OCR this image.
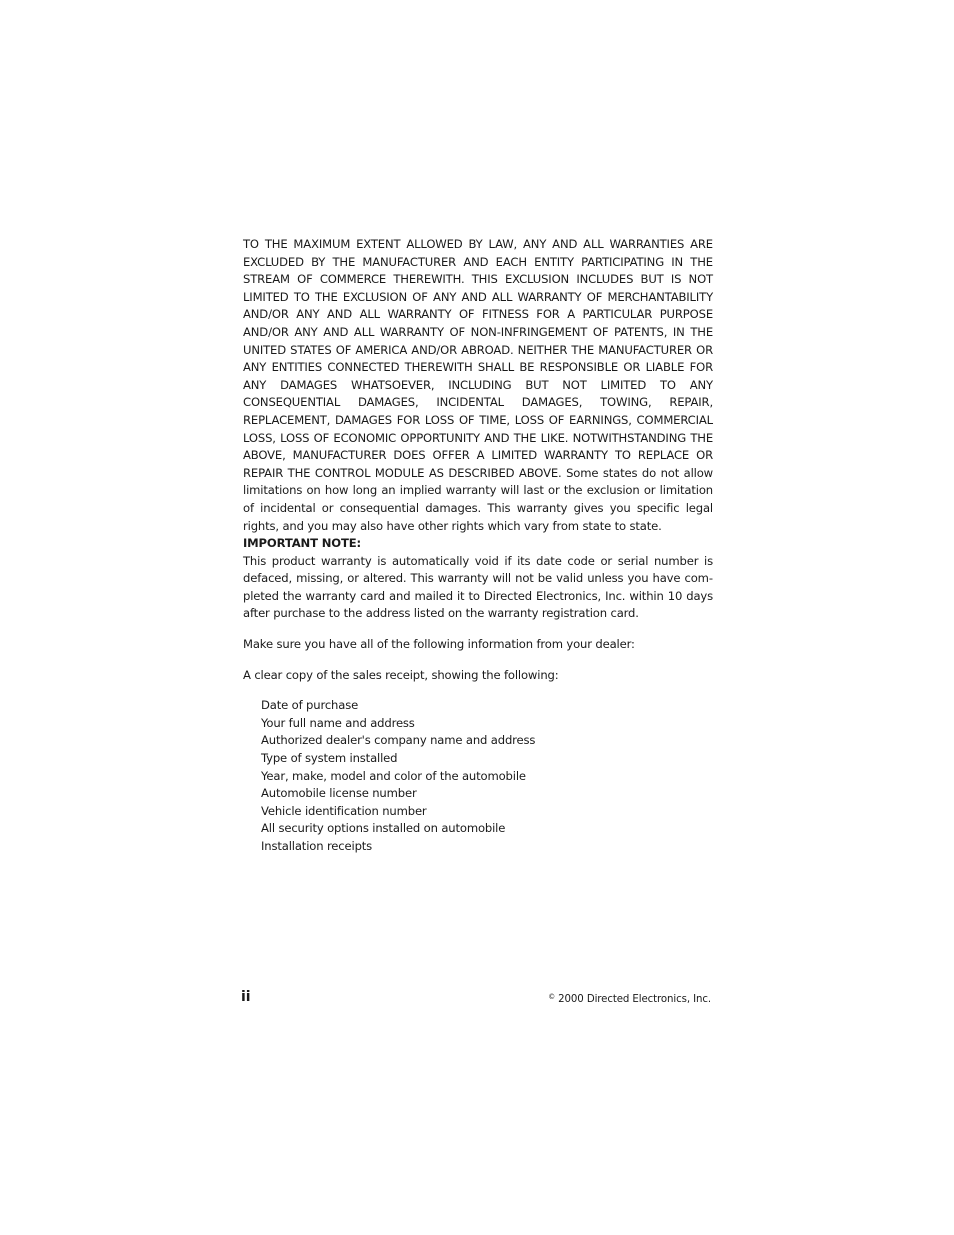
TO THE MAXIMUM EXTENT ALLOWED BY LAW, ANY AND ALL WARRANTIES ARE EXCLUDED BY THE MANUFACTURER AND EACH ENTITY PARTICIPATING IN THE STREAM OF COMMERCE THEREWITH. THIS EXCLUSION INCLUDES BUT IS NOT LIMITED TO THE EXCLUSION OF ANY AND ALL WARRANTY OF MERCHANTABILITY AND/OR ANY AND ALL WARRANTY OF FITNESS FOR A PARTICULAR PURPOSE AND/OR ANY AND ALL WARRANTY OF NON-INFRINGEMENT OF PATENTS, IN THE UNITED STATES OF AMERICA AND/OR ABROAD. NEITHER THE MANUFACTURER OR ANY ENTITIES CONNECTED THEREWITH SHALL BE RESPONSIBLE OR LIABLE FOR ANY DAMAGES WHATSOEVER, INCLUDING BUT NOT LIMITED TO ANY CONSEQUENTIAL DAMAGES, INCIDENTAL DAMAGES, TOWING, REPAIR, REPLACEMENT, DAMAGES FOR LOSS OF TIME, LOSS OF EARNINGS, COMMERCIAL LOSS, LOSS OF ECONOMIC OPPORTUNITY AND THE LIKE. NOTWITHSTANDING THE ABOVE, MANUFACTURER DOES OFFER A LIMITED WARRANTY TO REPLACE OR REPAIR THE CONTROL MODULE AS DESCRIBED ABOVE. Some states do not allow limitations on how long an implied warranty will last or the exclusion or limitation of incidental or consequential damages. This warranty gives you specific legal rights, and you may also have other rights which vary from state to state.

IMPORTANT NOTE:

This product warranty is automatically void if its date code or serial number is defaced, missing, or altered. This warranty will not be valid unless you have completed the warranty card and mailed it to Directed Electronics, Inc. within 10 days after purchase to the address listed on the warranty registration card.

Make sure you have all of the following information from your dealer:

A clear copy of the sales receipt, showing the following:

Date of purchase
Your full name and address
Authorized dealer's company name and address
Type of system installed
Year, make, model and color of the automobile
Automobile license number
Vehicle identification number
All security options installed on automobile
Installation receipts
ii	© 2000 Directed Electronics, Inc.
